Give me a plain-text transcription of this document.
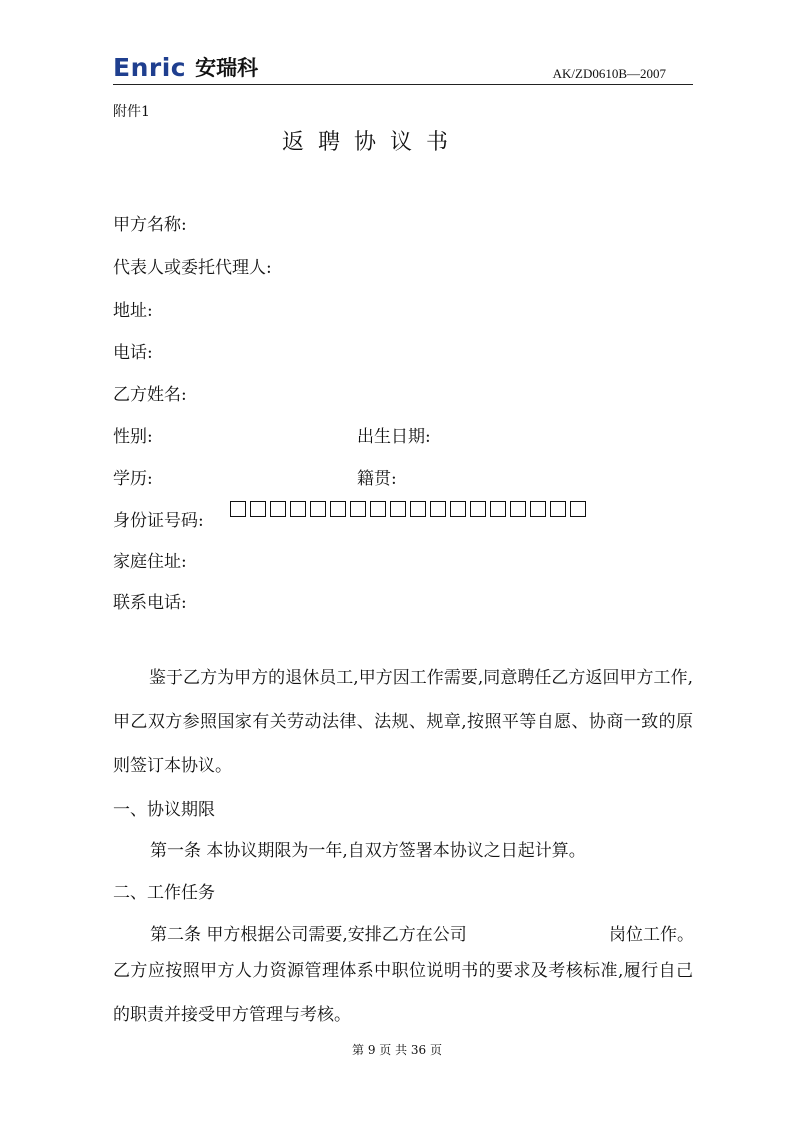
Enric 安瑞科	AK/ZD0610B—2007
附件1
返聘协议书
甲方名称:
代表人或委托代理人:
地址:
电话:
乙方姓名:
性别:	出生日期:
学历:	籍贯:
身份证号码:
家庭住址:
联系电话:
鉴于乙方为甲方的退休员工,甲方因工作需要,同意聘任乙方返回甲方工作,甲乙双方参照国家有关劳动法律、法规、规章,按照平等自愿、协商一致的原则签订本协议。
一、协议期限
第一条 本协议期限为一年,自双方签署本协议之日起计算。
二、工作任务
第二条 甲方根据公司需要,安排乙方在公司	岗位工作。
乙方应按照甲方人力资源管理体系中职位说明书的要求及考核标准,履行自己的职责并接受甲方管理与考核。
第 9 页 共 36 页
